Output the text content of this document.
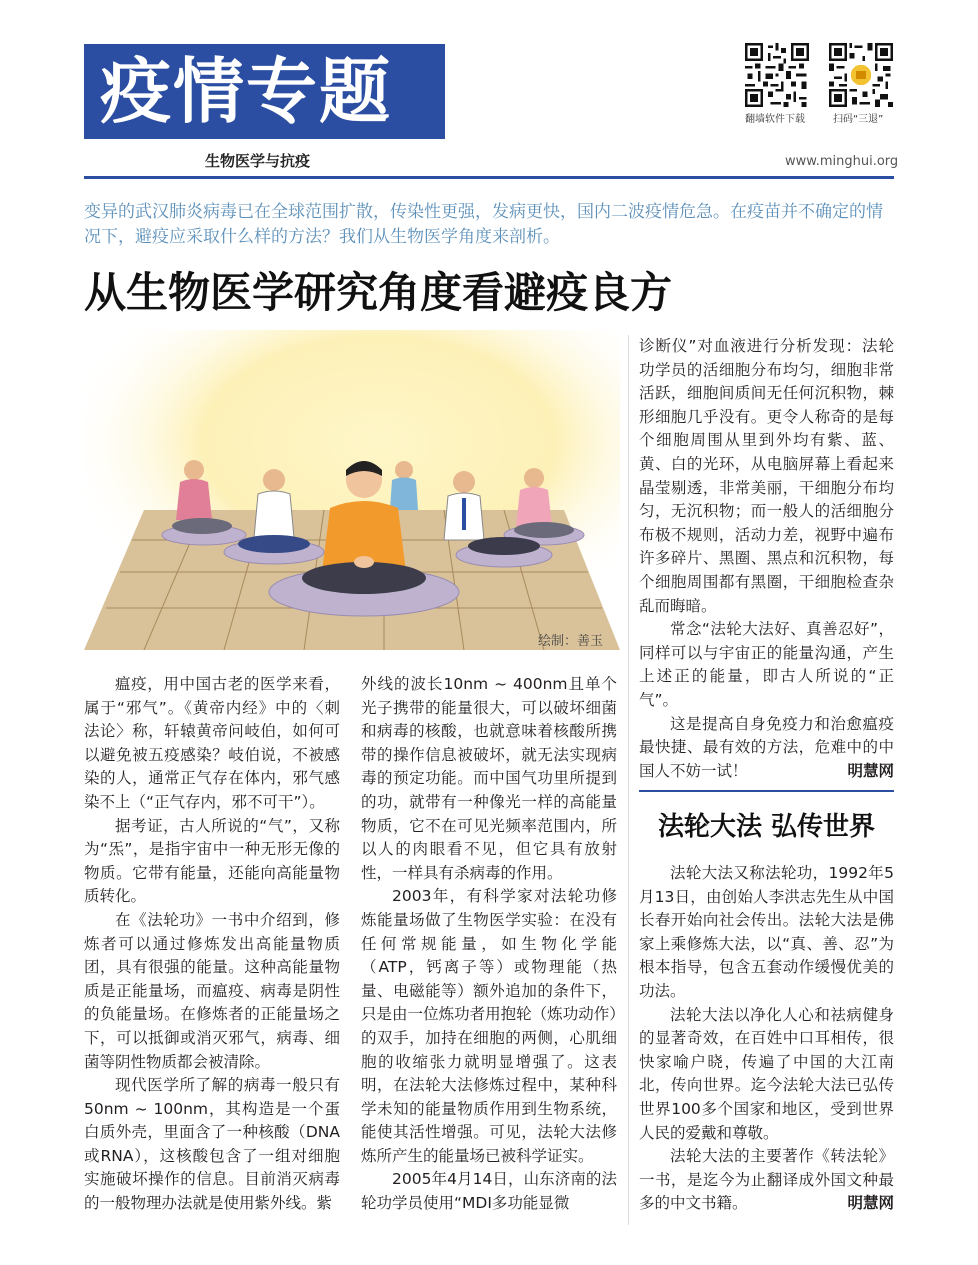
疫情专题
生物医学与抗疫	www.minghui.org
翻墙软件下载	扫码“三退”

变异的武汉肺炎病毒已在全球范围扩散，传染性更强，发病更快，国内二波疫情危急。在疫苗并不确定的情况下，避疫应采取什么样的方法？我们从生物医学角度来剖析。

从生物医学研究角度看避疫良方
绘制：善玉

瘟疫，用中国古老的医学来看，属于“邪气”。《黄帝内经》中的〈刺法论〉称，轩辕黄帝问岐伯，如何可以避免被五疫感染？岐伯说，不被感染的人，通常正气存在体内，邪气感染不上（“正气存内，邪不可干”）。

据考证，古人所说的“气”，又称为“炁”，是指宇宙中一种无形无像的物质。它带有能量，还能向高能量物质转化。

在《法轮功》一书中介绍到，修炼者可以通过修炼发出高能量物质团，具有很强的能量。这种高能量物质是正能量场，而瘟疫、病毒是阴性的负能量场。在修炼者的正能量场之下，可以抵御或消灭邪气，病毒、细菌等阴性物质都会被清除。

现代医学所了解的病毒一般只有50nm ~ 100nm，其构造是一个蛋白质外壳，里面含了一种核酸（DNA或RNA），这核酸包含了一组对细胞实施破坏操作的信息。目前消灭病毒的一般物理办法就是使用紫外线。紫

外线的波长10nm ~ 400nm且单个光子携带的能量很大，可以破坏细菌和病毒的核酸，也就意味着核酸所携带的操作信息被破坏，就无法实现病毒的预定功能。而中国气功里所提到的功，就带有一种像光一样的高能量物质，它不在可见光频率范围内，所以人的肉眼看不见，但它具有放射性，一样具有杀病毒的作用。

2003年，有科学家对法轮功修炼能量场做了生物医学实验：在没有任何常规能量，如生物化学能（ATP，钙离子等）或物理能（热量、电磁能等）额外追加的条件下，只是由一位炼功者用抱轮（炼功动作）的双手，加持在细胞的两侧，心肌细胞的收缩张力就明显增强了。这表明，在法轮大法修炼过程中，某种科学未知的能量物质作用到生物系统，能使其活性增强。可见，法轮大法修炼所产生的能量场已被科学证实。

2005年4月14日，山东济南的法轮功学员使用“MDI多功能显微

诊断仪”对血液进行分析发现：法轮功学员的活细胞分布均匀，细胞非常活跃，细胞间质间无任何沉积物，棘形细胞几乎没有。更令人称奇的是每个细胞周围从里到外均有紫、蓝、黄、白的光环，从电脑屏幕上看起来晶莹剔透，非常美丽，干细胞分布均匀，无沉积物；而一般人的活细胞分布极不规则，活动力差，视野中遍布许多碎片、黑圈、黑点和沉积物，每个细胞周围都有黑圈，干细胞检查杂乱而晦暗。

常念“法轮大法好、真善忍好”，同样可以与宇宙正的能量沟通，产生上述正的能量，即古人所说的“正气”。

这是提高自身免疫力和治愈瘟疫最快捷、最有效的方法，危难中的中国人不妨一试！	明慧网
法轮大法 弘传世界

法轮大法又称法轮功，1992年5月13日，由创始人李洪志先生从中国长春开始向社会传出。法轮大法是佛家上乘修炼大法，以“真、善、忍”为根本指导，包含五套动作缓慢优美的功法。

法轮大法以净化人心和祛病健身的显著奇效，在百姓中口耳相传，很快家喻户晓，传遍了中国的大江南北，传向世界。迄今法轮大法已弘传世界100多个国家和地区，受到世界人民的爱戴和尊敬。

法轮大法的主要著作《转法轮》一书，是迄今为止翻译成外国文种最多的中文书籍。	明慧网
